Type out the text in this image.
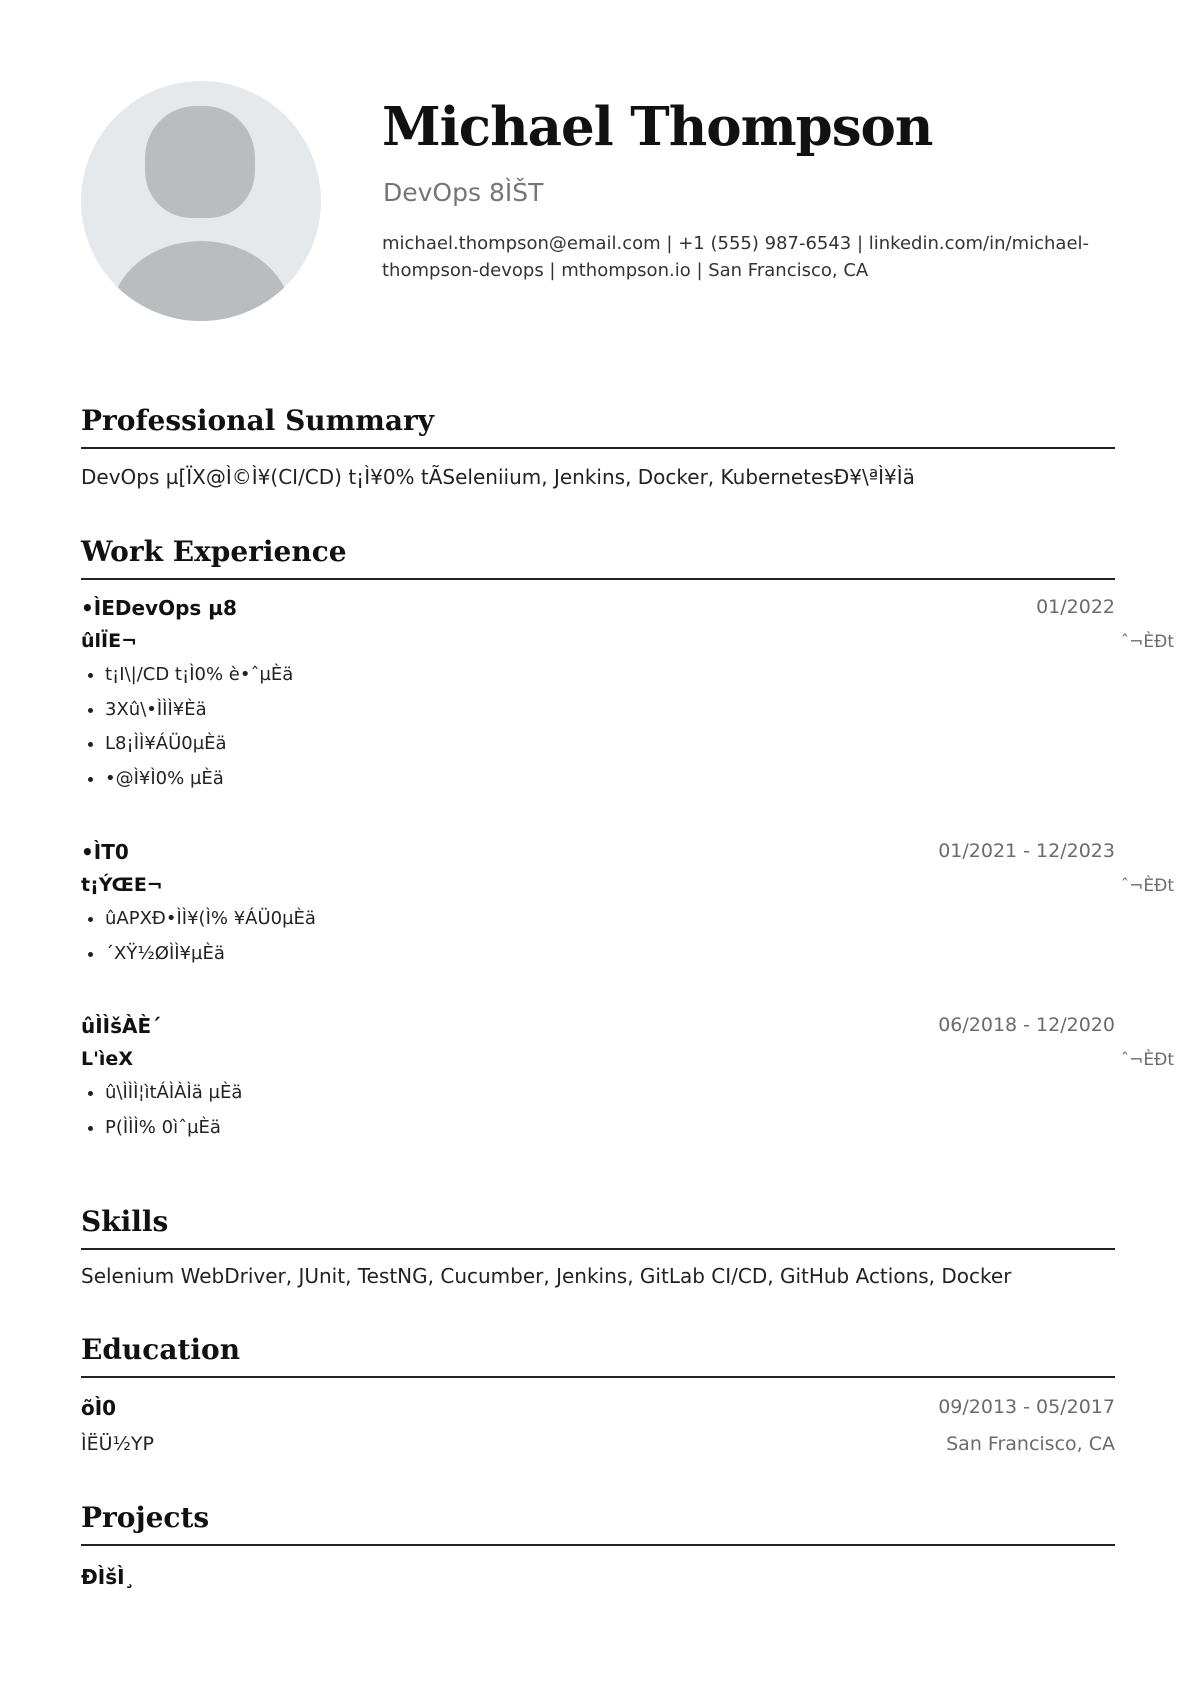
Michael Thompson
DevOps 8ÌŠT
michael.thompson@email.com | +1 (555) 987-6543 | linkedin.com/in/michael-thompson-devops | mthompson.io | San Francisco, CA
Professional Summary
DevOps µ[ÏX@Ì©Ì¥(CI/CD) t¡Ì¥0% tÃSeleniium, Jenkins, Docker, KubernetesÐ¥\ªÌ¥Ìä
Work Experience
•ÌEDevOps µ8	01/2022
ûlÏE¬	ˆ¬ÈÐt
• t¡I\|/CD t¡Ì0% è•ˆµÈä
• 3Xû\•ÌÌÌ¥Èä
• L8¡ÌÌ¥ÁÜ0µÈä
• •@Ì¥Ì0% µÈä
•ÌT0	01/2021 - 12/2023
t¡ÝŒE¬	ˆ¬ÈÐt
• ûAPXÐ•ÌÌ¥(Ì% ¥ÁÜ0µÈä
• ´XŸ½ØÌÌ¥µÈä
ûÌÌšÀÈ´	06/2018 - 12/2020
L'ìeX	ˆ¬ÈÐt
• û\ÌÌÌ¦ìtÁÌÀÌä µÈä
• P(ÌÌÌ% 0ìˆµÈä
Skills
Selenium WebDriver, JUnit, TestNG, Cucumber, Jenkins, GitLab CI/CD, GitHub Actions, Docker
Education
õÌ0	09/2013 - 05/2017
ÌËÜ½YP	San Francisco, CA
Projects
ÐÌšÌ¸
